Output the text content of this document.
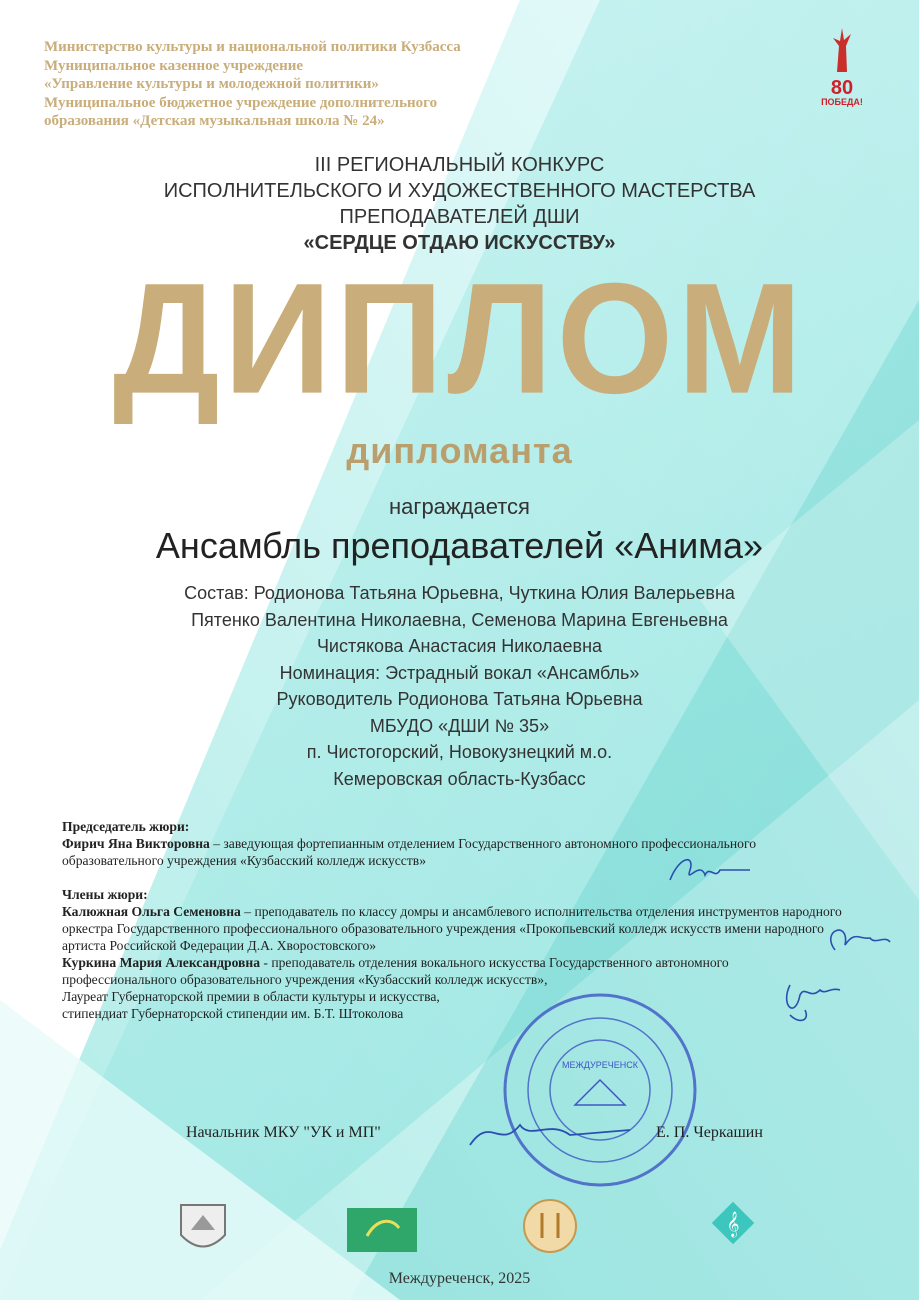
Министерство культуры и национальной политики Кузбасса
Муниципальное казенное учреждение
«Управление культуры и молодежной политики»
Муниципальное бюджетное учреждение дополнительного
образования «Детская музыкальная школа № 24»
80
ПОБЕДА!
III РЕГИОНАЛЬНЫЙ КОНКУРС
ИСПОЛНИТЕЛЬСКОГО И ХУДОЖЕСТВЕННОГО МАСТЕРСТВА
ПРЕПОДАВАТЕЛЕЙ ДШИ
«СЕРДЦЕ ОТДАЮ ИСКУССТВУ»
ДИПЛОМ
дипломанта
награждается
Ансамбль преподавателей «Анима»
Состав: Родионова Татьяна Юрьевна, Чуткина Юлия Валерьевна
Пятенко Валентина Николаевна, Семенова Марина Евгеньевна
Чистякова Анастасия Николаевна
Номинация: Эстрадный вокал «Ансамбль»
Руководитель Родионова Татьяна Юрьевна
МБУДО «ДШИ № 35»
п. Чистогорский, Новокузнецкий м.о.
Кемеровская область-Кузбасс

Председатель жюри:

Фирич Яна Викторовна – заведующая фортепианным отделением Государственного автономного профессионального образовательного учреждения «Кузбасский колледж искусств»

Члены жюри:

Калюжная Ольга Семеновна – преподаватель по классу домры и ансамблевого исполнительства отделения инструментов народного оркестра Государственного профессионального образовательного учреждения «Прокопьевский колледж искусств имени народного артиста Российской Федерации Д.А. Хворостовского»

Куркина Мария Александровна - преподаватель отделения вокального искусства Государственного автономного профессионального образовательного учреждения «Кузбасский колледж искусств»,

Лауреат Губернаторской премии в области культуры и искусства,

стипендиат Губернаторской стипендии им. Б.Т. Штоколова

МЕЖДУРЕЧЕНСК
Начальник МКУ "УК и МП"	Е. П. Черкашин
𝄞
Междуреченск, 2025
